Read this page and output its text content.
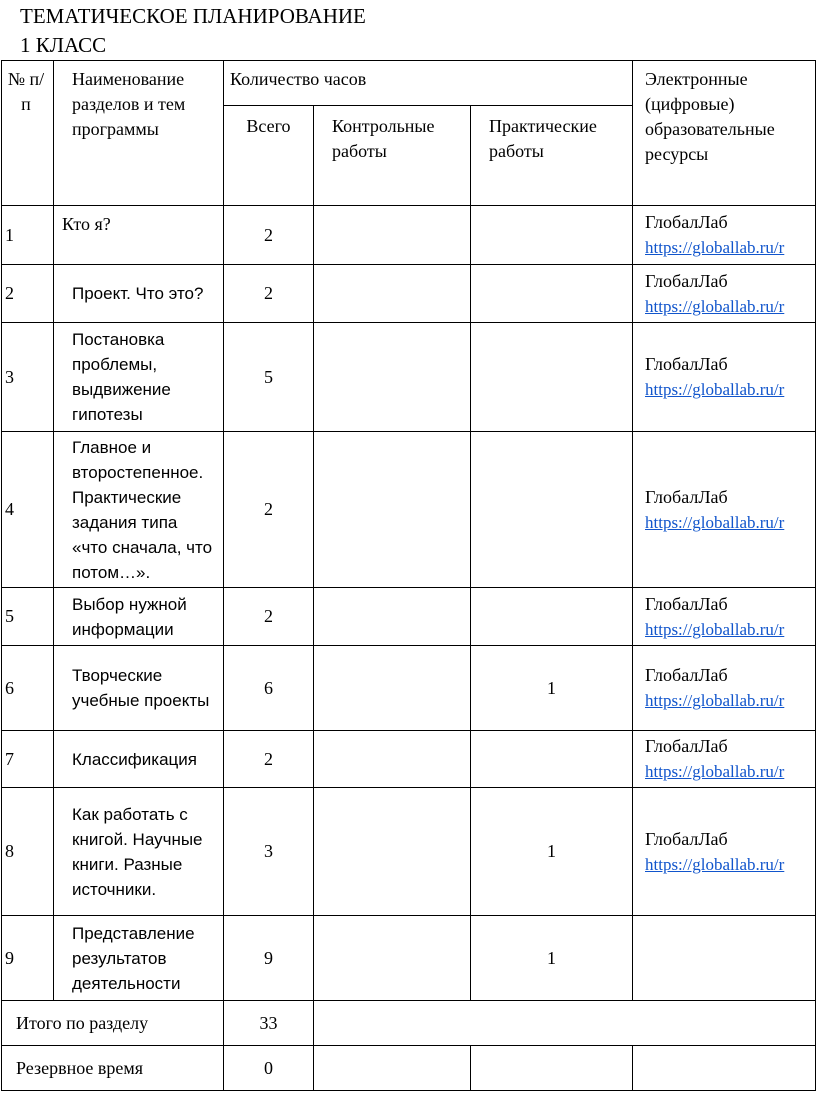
ТЕМАТИЧЕСКОЕ ПЛАНИРОВАНИЕ
1 КЛАСС
№ п/п	Наименование разделов и тем программы	Количество часов			Электронные (цифровые) образовательные ресурсы
		Всего	Контрольные работы	Практические работы	
1	Кто я?	2			ГлобалЛаб
https://globallab.ru/r
2	Проект. Что это?	2			ГлобалЛаб
https://globallab.ru/r
3	Постановка проблемы, выдвижение гипотезы	5			ГлобалЛаб
https://globallab.ru/r
4	Главное и второстепенное. Практические задания типа «что сначала, что потом…».	2			ГлобалЛаб
https://globallab.ru/r
5	Выбор нужной информации	2			ГлобалЛаб
https://globallab.ru/r
6	Творческие учебные проекты	6		1	ГлобалЛаб
https://globallab.ru/r
7	Классификация	2			ГлобалЛаб
https://globallab.ru/r
8	Как работать с книгой. Научные книги. Разные источники.	3		1	ГлобалЛаб
https://globallab.ru/r
9	Представление результатов деятельности	9		1	

Итого по разделу		33			
Резервное время		0			
